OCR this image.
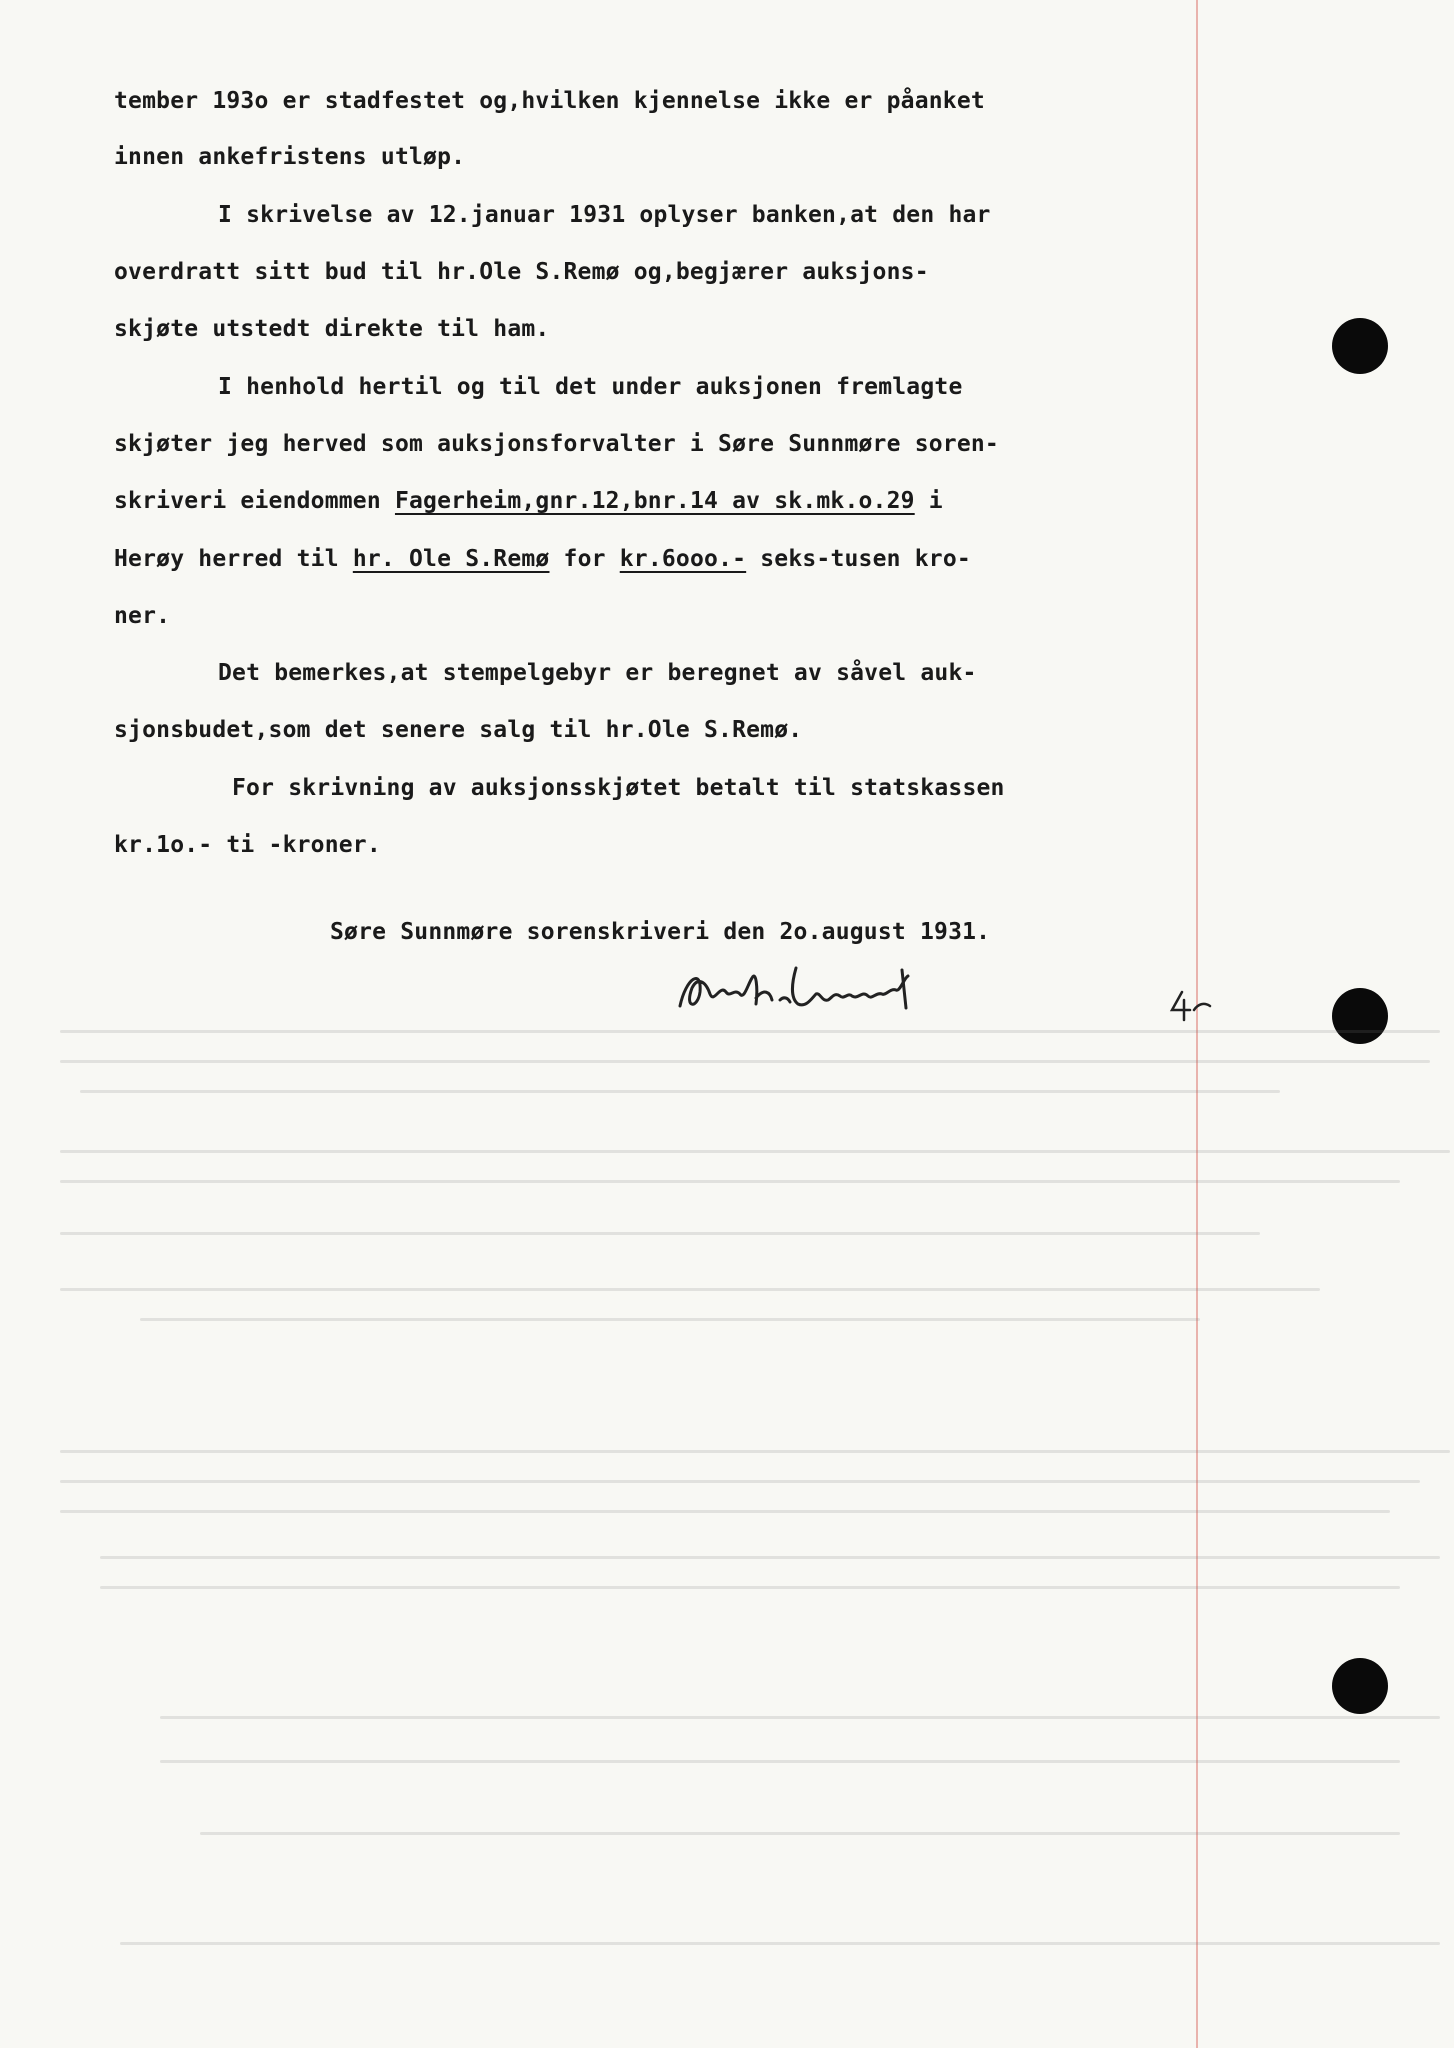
tember 193o er stadfestet og,hvilken kjennelse ikke er påanket
innen ankefristens utløp.
I skrivelse av 12.januar 1931 oplyser banken,at den har
overdratt sitt bud til hr.Ole S.Remø og,begjærer auksjons-
skjøte utstedt direkte til ham.
I henhold hertil og til det under auksjonen fremlagte
skjøter jeg herved som auksjonsforvalter i Søre Sunnmøre soren-
skriveri eiendommen Fagerheim,gnr.12,bnr.14 av sk.mk.o.29 i
Herøy herred til hr. Ole S.Remø for kr.6ooo.- seks-tusen kro-
ner.
Det bemerkes,at stempelgebyr er beregnet av såvel auk-
sjonsbudet,som det senere salg til hr.Ole S.Remø.
For skrivning av auksjonsskjøtet betalt til statskassen
kr.1o.- ti -kroner.
Søre Sunnmøre sorenskriveri den 2o.august 1931.
